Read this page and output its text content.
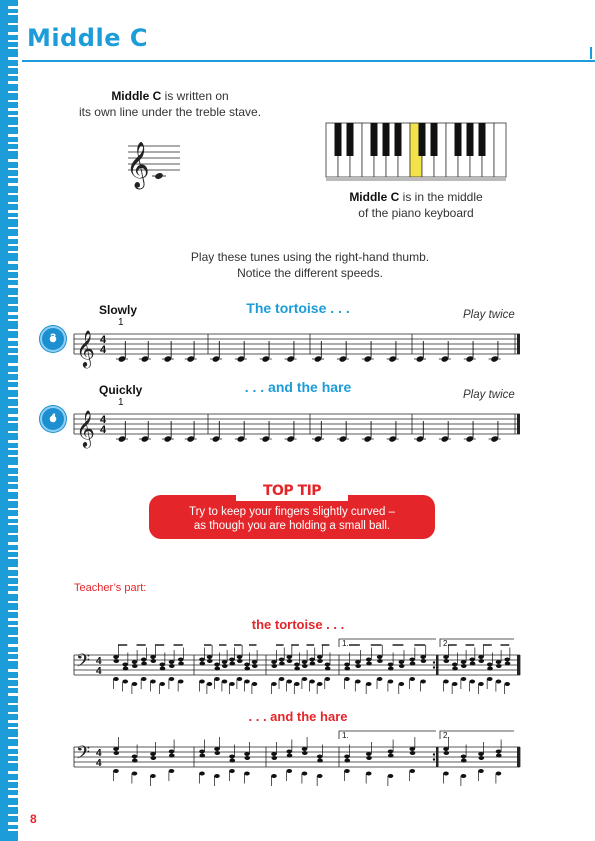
Middle C
Middle C is written on
its own line under the treble stave.
𝄞
Middle C is in the middle
of the piano keyboard
Play these tunes using the right-hand thumb.
Notice the different speeds.
Slowly	The tortoise . . .	Play twice
1
3 𝄞 4
4
Quickly	. . . and the hare	Play twice
1
4 𝄞 4
4
TOP TIP
Try to keep your fingers slightly curved –
as though you are holding a small ball.
Teacher’s part:
the tortoise . . .
𝄢 4
4
1.	2.
. . . and the hare
𝄢 4
4
1.	2.
8
